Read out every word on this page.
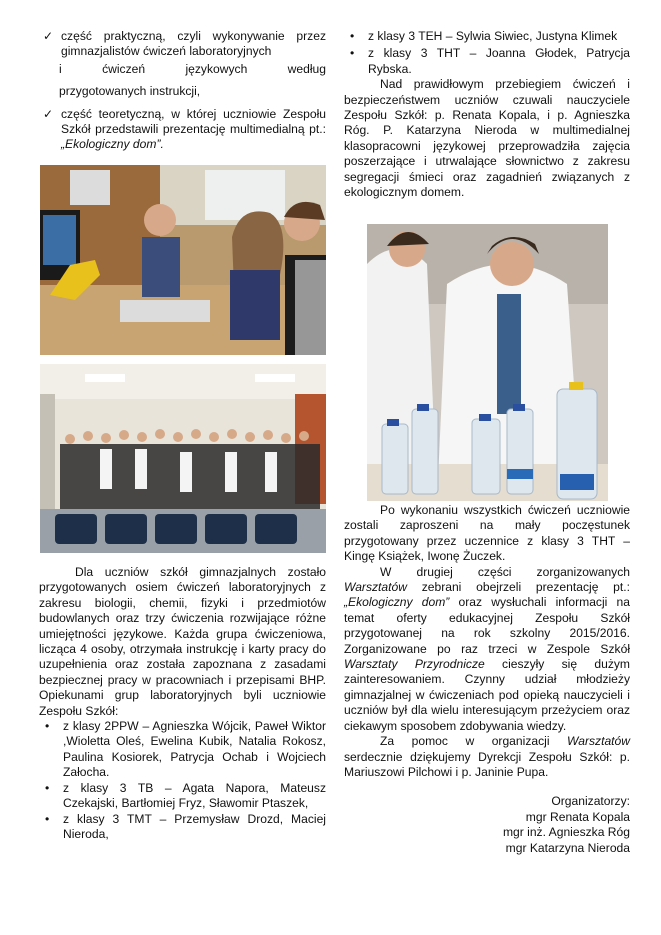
✓ część praktyczną, czyli wykonywanie przez gimnazjalistów ćwiczeń laboratoryjnych

i ćwiczeń językowych według

przygotowanych instrukcji,

✓ część teoretyczną, w której uczniowie Zespołu Szkół przedstawili prezentację multimedialną pt.: „Ekologiczny dom”.

Dla uczniów szkół gimnazjalnych zostało przygotowanych osiem ćwiczeń laboratoryjnych z zakresu biologii, chemii, fizyki i przedmiotów budowlanych oraz trzy ćwiczenia rozwijające różne umiejętności językowe. Każda grupa ćwiczeniowa, licząca 4 osoby, otrzymała instrukcję i karty pracy do uzupełnienia oraz została zapoznana z zasadami bezpiecznej pracy w pracowniach i przepisami BHP. Opiekunami grup laboratoryjnych byli uczniowie Zespołu Szkół:

• z klasy 2PPW – Agnieszka Wójcik, Paweł Wiktor ,Wioletta Oleś, Ewelina Kubik, Natalia Rokosz, Paulina Kosiorek, Patrycja Ochab i Wojciech Załocha.
• z klasy 3 TB – Agata Napora, Mateusz Czekajski, Bartłomiej Fryz, Sławomir Ptaszek,
• z klasy 3 TMT – Przemysław Drozd, Maciej Nieroda,
• z klasy 3 TEH – Sylwia Siwiec, Justyna Klimek
• z klasy 3 THT – Joanna Głodek, Patrycja Rybska.

Nad prawidłowym przebiegiem ćwiczeń i bezpieczeństwem uczniów czuwali nauczyciele Zespołu Szkół: p. Renata Kopala, i p. Agnieszka Róg. P. Katarzyna Nieroda w multimedialnej klasopracowni językowej przeprowadziła zajęcia poszerzające i utrwalające słownictwo z zakresu segregacji śmieci oraz zagadnień związanych z ekologicznym domem.

Po wykonaniu wszystkich ćwiczeń uczniowie zostali zaproszeni na mały poczęstunek przygotowany przez uczennice z klasy 3 THT – Kingę Książek, Iwonę Żuczek.

W drugiej części zorganizowanych Warsztatów zebrani obejrzeli prezentację pt.: „Ekologiczny dom” oraz wysłuchali informacji na temat oferty edukacyjnej Zespołu Szkół przygotowanej na rok szkolny 2015/2016. Zorganizowane po raz trzeci w Zespole Szkół Warsztaty Przyrodnicze cieszyły się dużym zainteresowaniem. Czynny udział młodzieży gimnazjalnej w ćwiczeniach pod opieką nauczycieli i uczniów był dla wielu interesującym przeżyciem oraz ciekawym sposobem zdobywania wiedzy.

Za pomoc w organizacji Warsztatów serdecznie dziękujemy Dyrekcji Zespołu Szkół: p. Mariuszowi Pilchowi i p. Janinie Pupa.

Organizatorzy:

mgr Renata Kopala

mgr inż. Agnieszka Róg

mgr Katarzyna Nieroda
